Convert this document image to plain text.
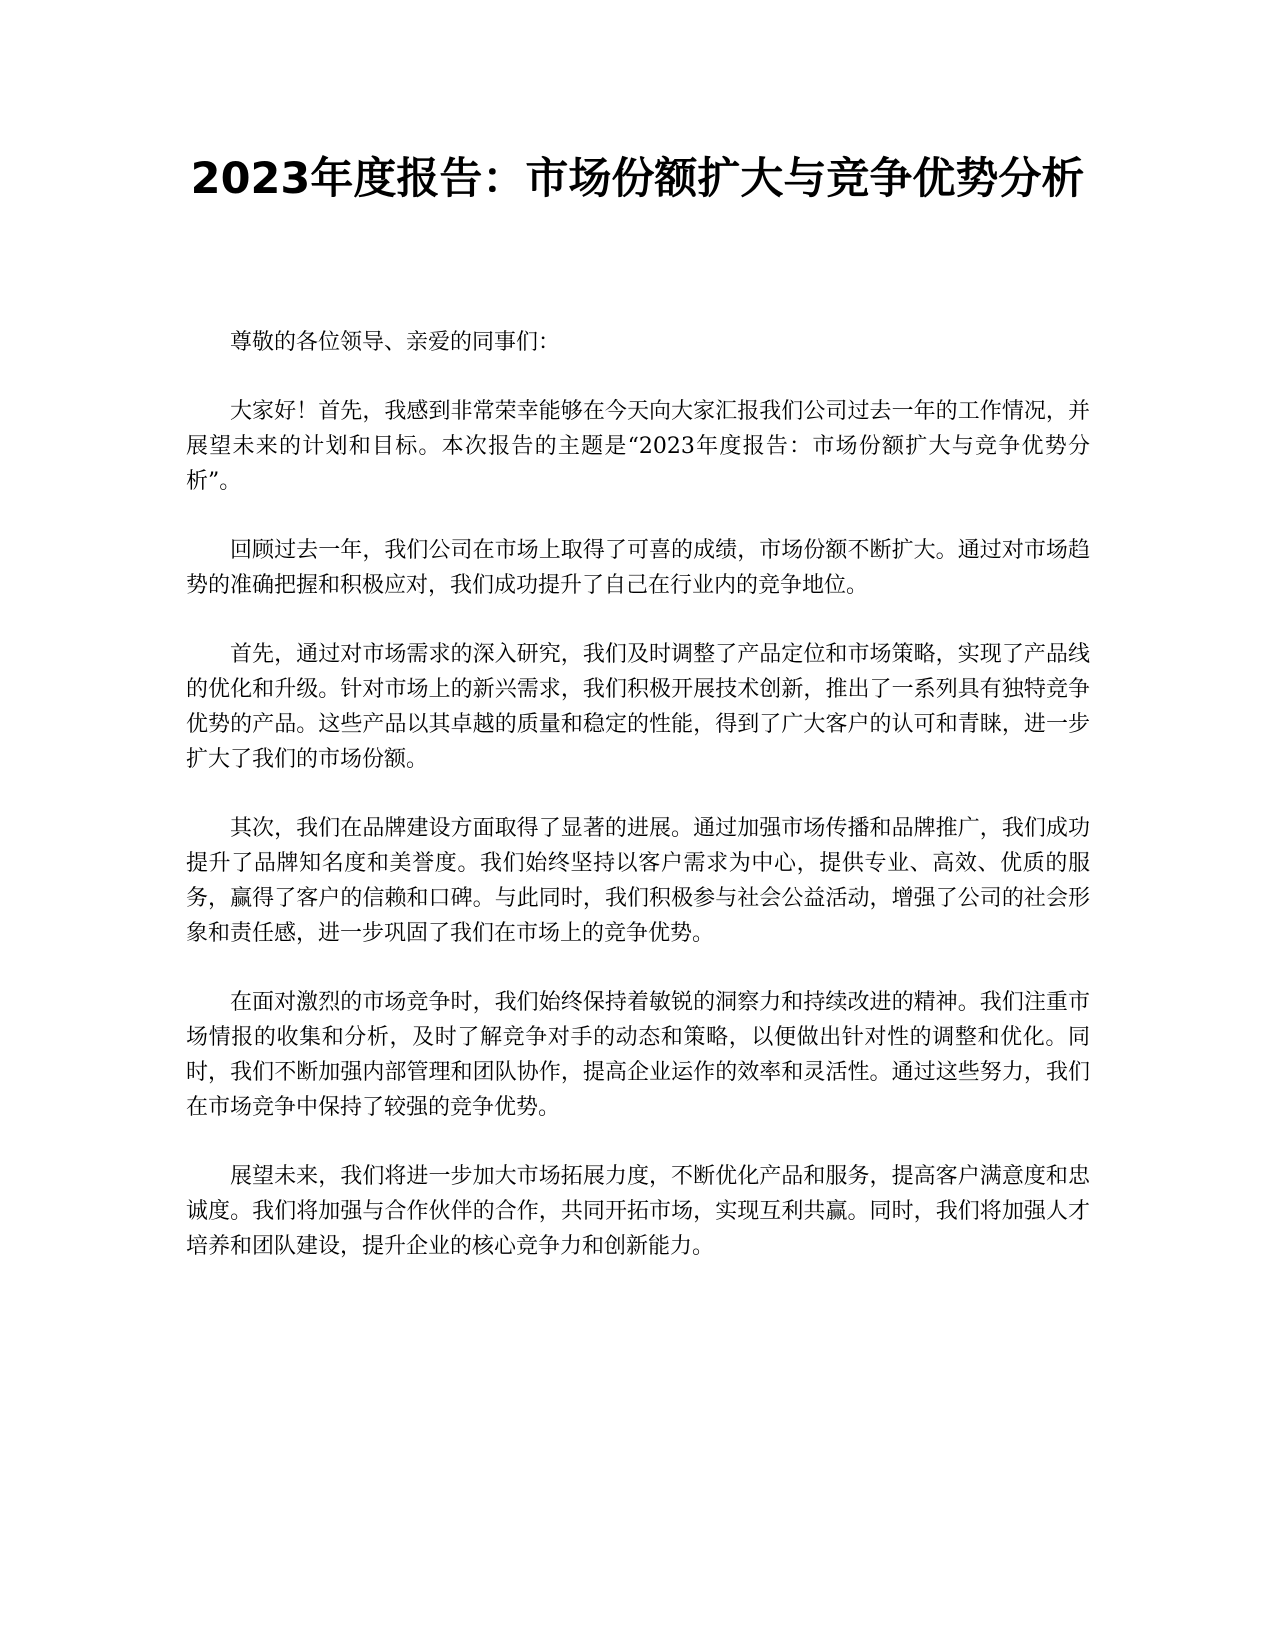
2023年度报告：市场份额扩大与竞争优势分析

尊敬的各位领导、亲爱的同事们：

大家好！首先，我感到非常荣幸能够在今天向大家汇报我们公司过去一年的工作情况，并展望未来的计划和目标。本次报告的主题是“2023年度报告：市场份额扩大与竞争优势分析”。

回顾过去一年，我们公司在市场上取得了可喜的成绩，市场份额不断扩大。通过对市场趋势的准确把握和积极应对，我们成功提升了自己在行业内的竞争地位。

首先，通过对市场需求的深入研究，我们及时调整了产品定位和市场策略，实现了产品线的优化和升级。针对市场上的新兴需求，我们积极开展技术创新，推出了一系列具有独特竞争优势的产品。这些产品以其卓越的质量和稳定的性能，得到了广大客户的认可和青睐，进一步扩大了我们的市场份额。

其次，我们在品牌建设方面取得了显著的进展。通过加强市场传播和品牌推广，我们成功提升了品牌知名度和美誉度。我们始终坚持以客户需求为中心，提供专业、高效、优质的服务，赢得了客户的信赖和口碑。与此同时，我们积极参与社会公益活动，增强了公司的社会形象和责任感，进一步巩固了我们在市场上的竞争优势。

在面对激烈的市场竞争时，我们始终保持着敏锐的洞察力和持续改进的精神。我们注重市场情报的收集和分析，及时了解竞争对手的动态和策略，以便做出针对性的调整和优化。同时，我们不断加强内部管理和团队协作，提高企业运作的效率和灵活性。通过这些努力，我们在市场竞争中保持了较强的竞争优势。

展望未来，我们将进一步加大市场拓展力度，不断优化产品和服务，提高客户满意度和忠诚度。我们将加强与合作伙伴的合作，共同开拓市场，实现互利共赢。同时，我们将加强人才培养和团队建设，提升企业的核心竞争力和创新能力。
